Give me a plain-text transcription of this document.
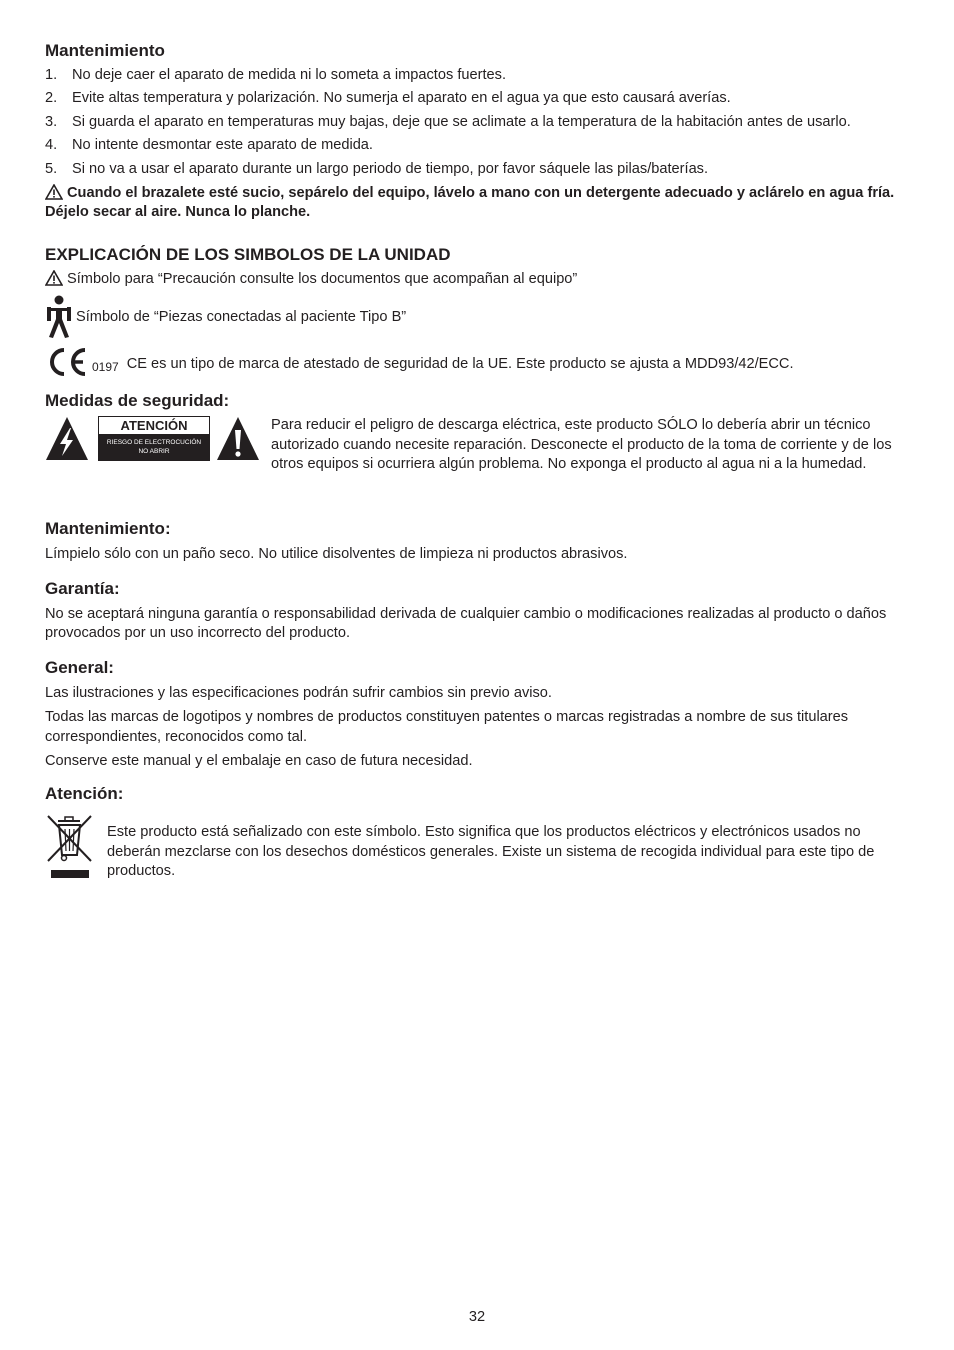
Mantenimiento
1. No deje caer el aparato de medida ni lo someta a impactos fuertes.
2. Evite altas temperatura y polarización. No sumerja el aparato en el agua ya que esto causará averías.
3. Si guarda el aparato en temperaturas muy bajas, deje que se aclimate a la temperatura de la habitación antes de usarlo.
4. No intente desmontar este aparato de medida.
5. Si no va a usar el aparato durante un largo periodo de tiempo, por favor sáquele las pilas/baterías.

Cuando el brazalete esté sucio, sepárelo del equipo, lávelo a mano con un detergente adecuado y aclárelo en agua fría. Déjelo secar al aire. Nunca lo planche.

EXPLICACIÓN DE LOS SIMBOLOS DE LA UNIDAD

Símbolo para “Precaución consulte los documentos que acompañan al equipo”

Símbolo de “Piezas conectadas al paciente Tipo B”
0197 CE es un tipo de marca de atestado de seguridad de la UE. Este producto se ajusta a MDD93/42/ECC.
Medidas de seguridad:
ATENCIÓN
RIESGO DE ELECTROCUCIÓN
NO ABRIR

Para reducir el peligro de descarga eléctrica, este producto SÓLO lo debería abrir un técnico autorizado cuando necesite reparación. Desconecte el producto de la toma de corriente y de los otros equipos si ocurriera algún problema. No exponga el producto al agua ni a la humedad.

Mantenimiento:

Límpielo sólo con un paño seco. No utilice disolventes de limpieza ni productos abrasivos.

Garantía:

No se aceptará ninguna garantía o responsabilidad derivada de cualquier cambio o modificaciones realizadas al producto o daños provocados por un uso incorrecto del producto.

General:

Las ilustraciones y las especificaciones podrán sufrir cambios sin previo aviso.

Todas las marcas de logotipos y nombres de productos constituyen patentes o marcas registradas a nombre de sus titulares correspondientes, reconocidos como tal.

Conserve este manual y el embalaje en caso de futura necesidad.

Atención:

Este producto está señalizado con este símbolo. Esto significa que los productos eléctricos y electrónicos usados no deberán mezclarse con los desechos domésticos generales. Existe un sistema de recogida individual para este tipo de productos.

32
